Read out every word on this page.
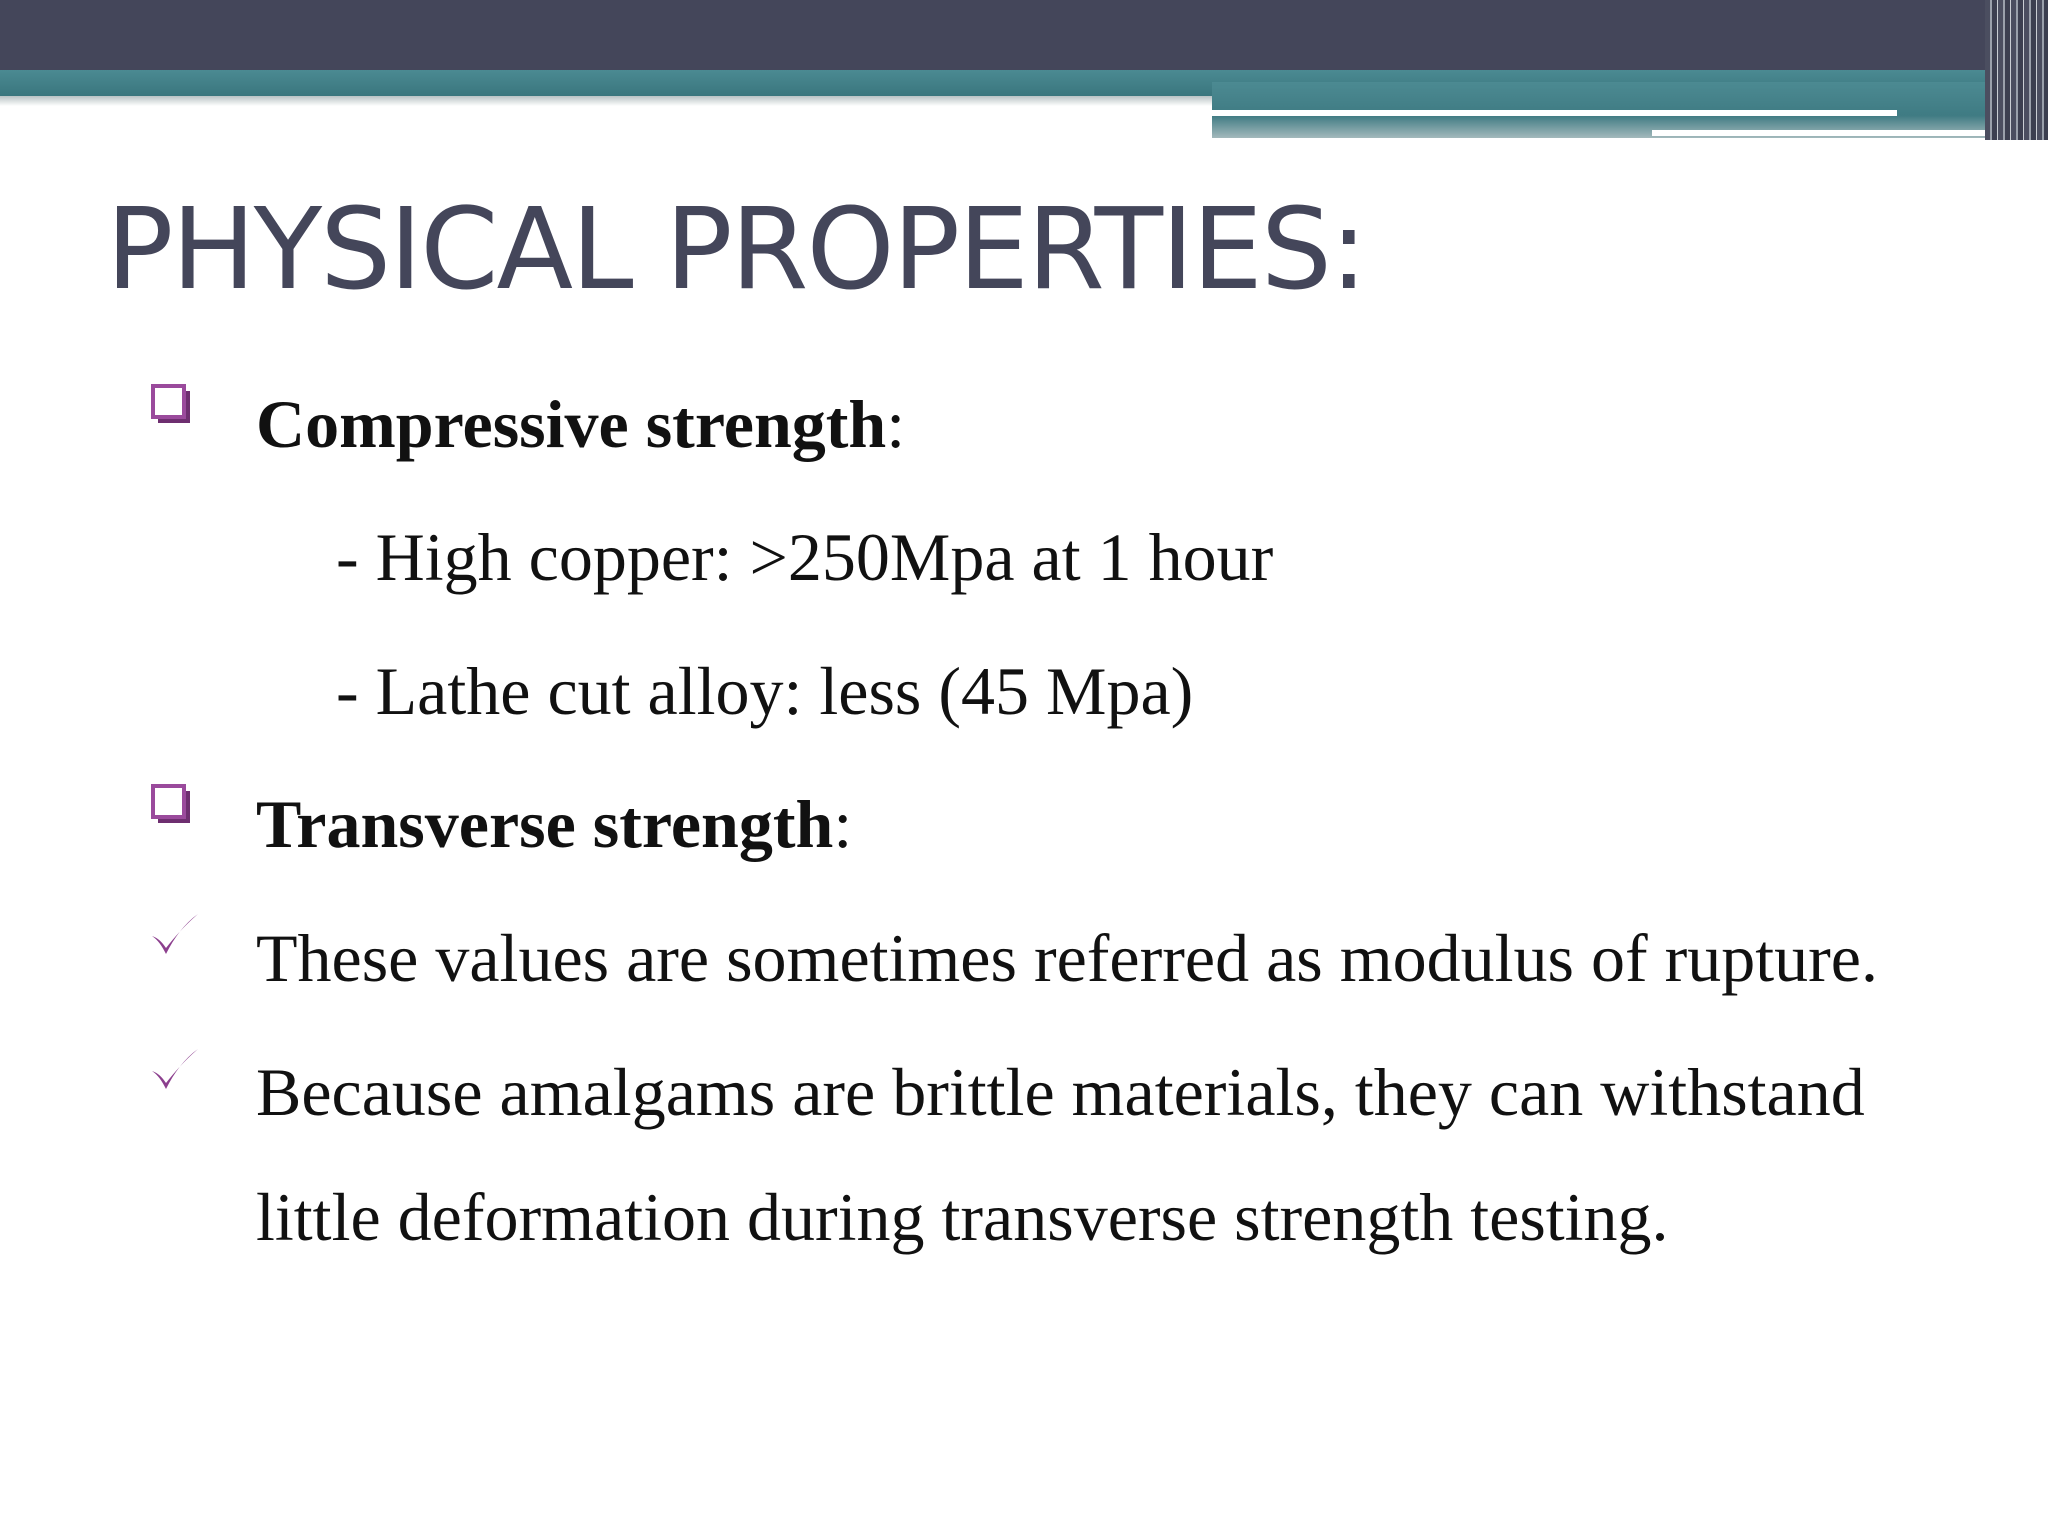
PHYSICAL PROPERTIES:

Compressive strength:

- High copper: >250Mpa at 1 hour

- Lathe cut alloy: less (45 Mpa)

Transverse strength:

These values are sometimes referred as modulus of rupture.

Because amalgams are brittle materials, they can withstand

little deformation during transverse strength testing.
